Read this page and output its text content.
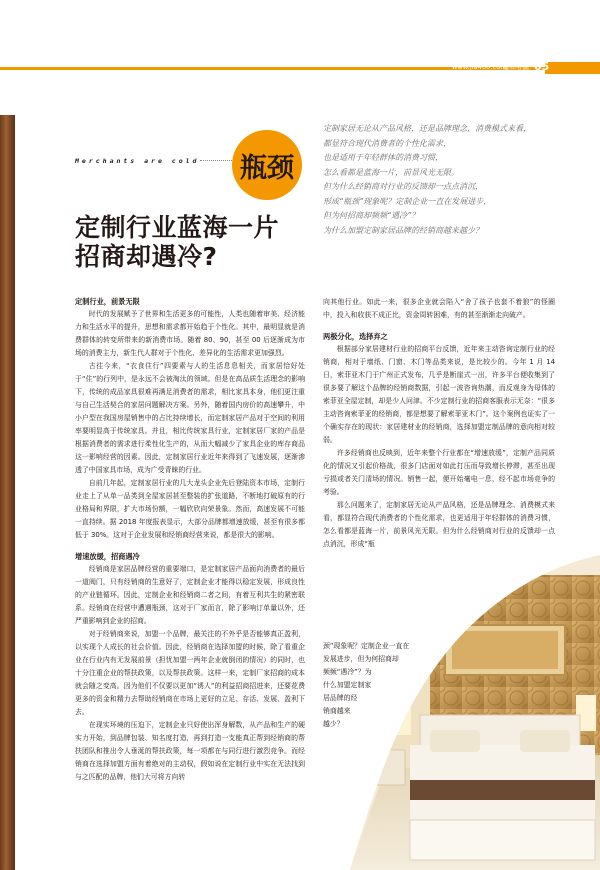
www.jia400.com
聚焦专题 05
Merchants are cold 瓶颈
定制行业蓝海一片
招商却遇冷?
定制家居无论从产品风格，还是品牌理念、消费模式来看，
都显符合现代消费者的个性化需求，
也是适用于年轻群体的消费习惯，
怎么看都是蓝海一片，前景风光无限。
但为什么经销商对行业的反馈却一点点消沉，
形成“瓶颈”现象呢？定制企业一直在发展进步，
但为何招商却频频“遇冷”？
为什么加盟定制家居品牌的经销商越来越少？
定制行业，前景无限

时代的发展赋予了世界和生活更多的可能性，人类也随着审美、经济能力和生活水平的提升，思想和需求都开始趋于个性化。其中，最明显就是消费群体的转变所带来的新消费市场。随着 80、90，甚至 00 后逐渐成为市场的消费主力，新生代人群对于个性化、差异化的生活需求更加强烈。

古往今来，“衣食住行”四要素与人的生活息息相关，而家居恰好处于“住”的行列中，是永远不会被淘汰的领域。但是在高品质生活理念的影响下，传统的成品家具很难再满足消费者的需求，相比家具本身，他们更注重与自己生活契合的家居问题解决方案。另外，随着国内房价的高速攀升，中小户型在我国房屋销售中的占比持续增长，而定制家居产品对于空间的利用率要明显高于传统家具。并且，相比传统家具行业，定制家居厂家的产品是根据消费者的需求进行柔性化生产的，从而大幅减少了家具企业的库存商品这一影响经营的因素。因此，定制家居行业近年来得到了飞速发展，逐渐渗透了中国家具市场，成为广受青睐的行业。

自前几年起，定制家居行业的几大龙头企业先后登陆资本市场，定制行业走上了从单一品类到全屋家居甚至整装的扩张道路，不断地打破原有的行业格局和界限，扩大市场份额，一幅欣欣向荣景象。然而，高速发展不可能一直持续。据 2018 年度报表显示，大部分品牌都增速放缓，甚至有很多都低于 30%。这对于企业发展和经销商经营来说，都是很大的影响。

增速放缓，招商遇冷

经销商是家居品牌经营的重要端口，是定制家居产品面向消费者的最后一道阀门，只有经销商的生意好了，定制企业才能得以稳定发展，形成良性的产业链循环。因此，定制企业和经销商二者之间，有着互利共生的紧密联系。经销商在经营中遭遇瓶颈，这对于厂家而言，除了影响订单量以外，还严重影响到企业的招商。

对于经销商来说，加盟一个品牌，最关注的不外乎是否能够真正盈利，以实现个人成长的社会价值。因此，经销商在选择加盟的时候，除了看重企业在行业内有无发展前景（担忧加盟一两年企业就倒闭的情况）的同时，也十分注重企业的帮扶政策，以及帮扶政策。这样一来，定制厂家招商的成本就会随之变高。因为他们不仅要以更加“诱人”的利益招商招进来，还要花费更多的资金和精力去帮助经销商在市场上更好的立足、存活、发展、盈利下去。

在现实环境的压迫下，定制企业只好使出浑身解数，从产品和生产的硬实力开始，到品牌包装、知名度打造，再到打造一支能真正帮到经销商的帮扶团队和推出令人垂涎的帮扶政策，每一项都在与同行进行激烈竞争。而经销商在选择加盟方面有着绝对的主动权，假如说在定制行业中实在无法找到与之匹配的品牌，他们大可将方向转

向其他行业。如此一来，很多企业就会陷入“舍了孩子也套不着狼”的怪圈中，投入和收获不成正比，资金周转困难，有的甚至渐渐走向破产。

两极分化，选择弃之

根据部分家居建材行业的招商平台反馈，近年来主动咨询定制行业的经销商，相对于墙纸、门窗、木门等品类来说，是比较少的。今年 1 月 14 日，索菲亚木门于广州正式发布，几乎是断崖式一出，许多平台便收集到了很多要了解这个品牌的经销商数据，引起一波咨询热潮，而反观身为母体的索菲亚全屋定制，却是少人问津。不少定制行业的招商客服表示无奈：“很多主动咨询索菲亚的经销商，都是想要了解索菲亚木门”。这个案例也证实了一个确实存在的现状：家居建材业的经销商，选择加盟定制品牌的意向相对较弱。

许多经销商也反映到，近年来整个行业都在“增速放缓”，定制产品同质化的情况又引起价格战，很多门店面对如此打压而导致增长停滞，甚至出现亏损或者关门清场的情况。销售一起，便开始毫电一息，经不起市场竞争的考验。

那么问题来了，定制家居无论从产品风格，还是品牌理念、消费模式来看，都显符合现代消费者的个性化需求，也更适用于年轻群体的消费习惯，怎么看都是蓝海一片，前景风光无限。但为什么经销商对行业的反馈却一点点消沉，形成“瓶

颈”现象呢？定制企业一直在
发展进步，但为何招商却
频频“遇冷”？为
什么加盟定制家
居品牌的经
销商越来
越少？
